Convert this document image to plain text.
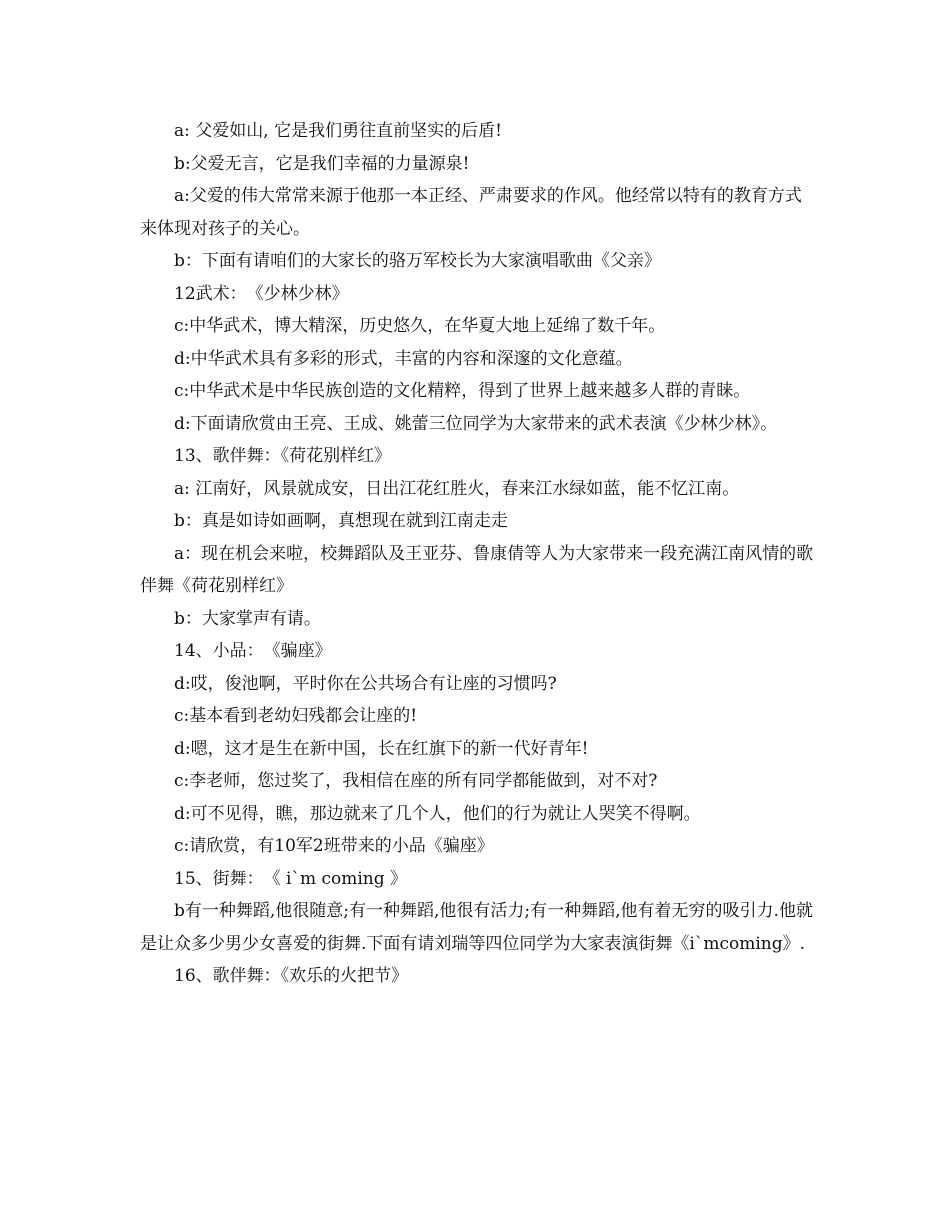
a: 父爱如山, 它是我们勇往直前坚实的后盾!

b:父爱无言，它是我们幸福的力量源泉!

a:父爱的伟大常常来源于他那一本正经、严肃要求的作风。他经常以特有的教育方式来体现对孩子的关心。

b：下面有请咱们的大家长的骆万军校长为大家演唱歌曲《父亲》

12武术：　《少林少林》

c:中华武术，博大精深，历史悠久，在华夏大地上延绵了数千年。

d:中华武术具有多彩的形式，丰富的内容和深邃的文化意蕴。

c:中华武术是中华民族创造的文化精粹，得到了世界上越来越多人群的青睐。

d:下面请欣赏由王亮、王成、姚蕾三位同学为大家带来的武术表演《少林少林》。

13、歌伴舞：《荷花别样红》

a: 江南好，风景就成安，日出江花红胜火，春来江水绿如蓝，能不忆江南。

b：真是如诗如画啊，真想现在就到江南走走

a：现在机会来啦，校舞蹈队及王亚芬、鲁康倩等人为大家带来一段充满江南风情的歌伴舞《荷花别样红》

b：大家掌声有请。

14、小品：　《骗座》

d:哎，俊池啊，平时你在公共场合有让座的习惯吗?

c:基本看到老幼妇残都会让座的!

d:嗯，这才是生在新中国，长在红旗下的新一代好青年!

c:李老师，您过奖了，我相信在座的所有同学都能做到，对不对?

d:可不见得，瞧，那边就来了几个人，他们的行为就让人哭笑不得啊。

c:请欣赏，有10军2班带来的小品《骗座》

15、街舞：　《 i`m coming 》

b有一种舞蹈,他很随意;有一种舞蹈,他很有活力;有一种舞蹈,他有着无穷的吸引力.他就是让众多少男少女喜爱的街舞.下面有请刘瑞等四位同学为大家表演街舞《i`mcoming》.

16、歌伴舞：《欢乐的火把节》
